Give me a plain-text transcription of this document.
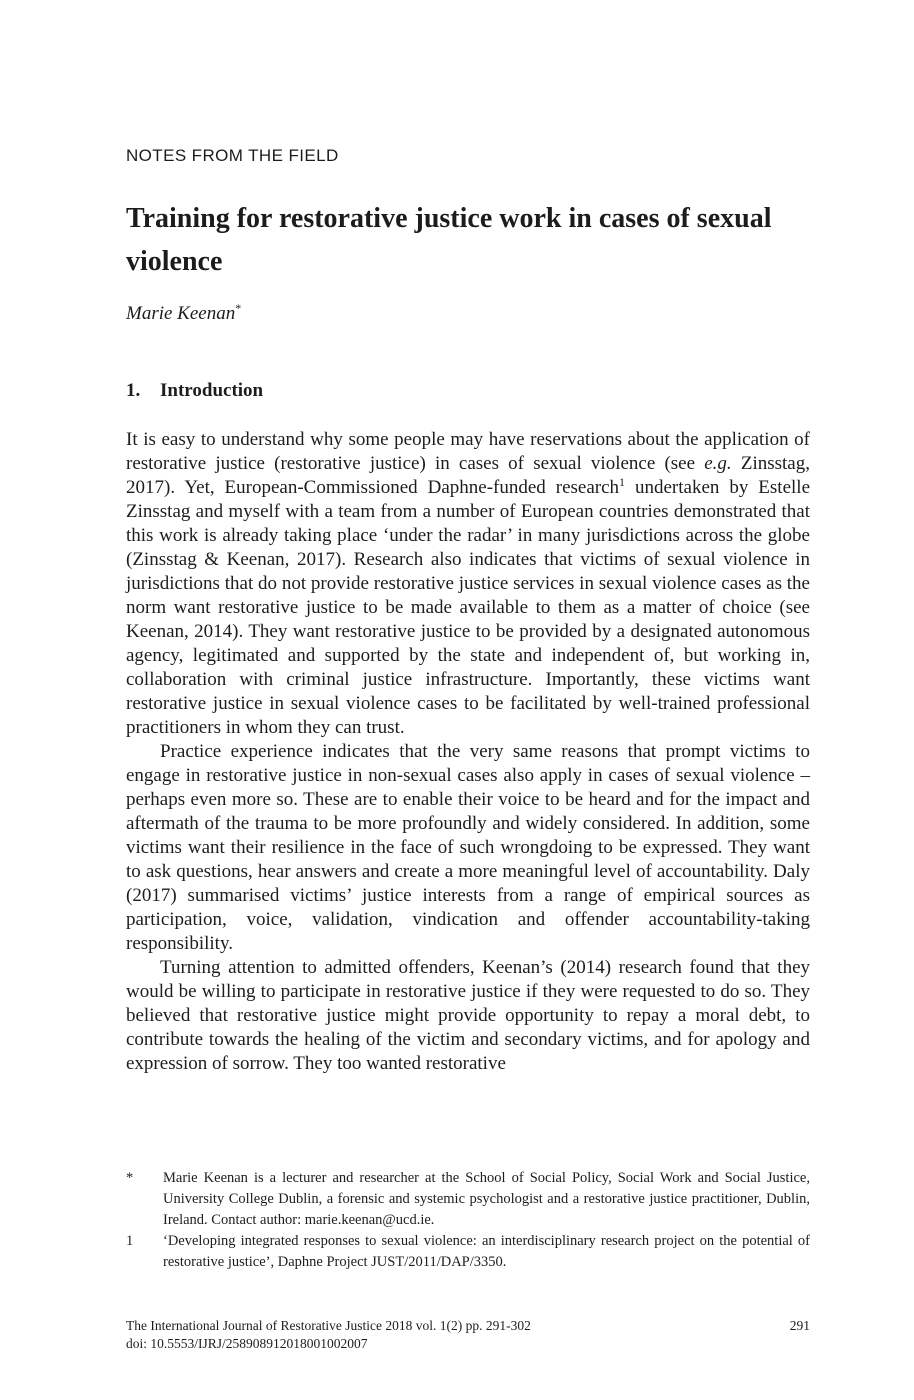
NOTES FROM THE FIELD
Training for restorative justice work in cases of sexual violence
Marie Keenan*
1.	Introduction

It is easy to understand why some people may have reservations about the application of restorative justice (restorative justice) in cases of sexual violence (see e.g. Zinsstag, 2017). Yet, European-Commissioned Daphne-funded research$^1$ undertaken by Estelle Zinsstag and myself with a team from a number of European countries demonstrated that this work is already taking place ‘under the radar’ in many jurisdictions across the globe (Zinsstag & Keenan, 2017). Research also indicates that victims of sexual violence in jurisdictions that do not provide restorative justice services in sexual violence cases as the norm want restorative justice to be made available to them as a matter of choice (see Keenan, 2014). They want restorative justice to be provided by a designated autonomous agency, legitimated and supported by the state and independent of, but working in, collaboration with criminal justice infrastructure. Importantly, these victims want restorative justice in sexual violence cases to be facilitated by well-trained professional practitioners in whom they can trust.

Practice experience indicates that the very same reasons that prompt victims to engage in restorative justice in non-sexual cases also apply in cases of sexual violence – perhaps even more so. These are to enable their voice to be heard and for the impact and aftermath of the trauma to be more profoundly and widely considered. In addition, some victims want their resilience in the face of such wrongdoing to be expressed. They want to ask questions, hear answers and create a more meaningful level of accountability. Daly (2017) summarised victims’ justice interests from a range of empirical sources as participation, voice, validation, vindication and offender accountability-taking responsibility.

Turning attention to admitted offenders, Keenan’s (2014) research found that they would be willing to participate in restorative justice if they were requested to do so. They believed that restorative justice might provide opportunity to repay a moral debt, to contribute towards the healing of the victim and secondary victims, and for apology and expression of sorrow. They too wanted restorative

*	Marie Keenan is a lecturer and researcher at the School of Social Policy, Social Work and Social Justice, University College Dublin, a forensic and systemic psychologist and a restorative justice practitioner, Dublin, Ireland. Contact author: marie.keenan@ucd.ie.
1	‘Developing integrated responses to sexual violence: an interdisciplinary research project on the potential of restorative justice’, Daphne Project JUST/2011/DAP/3350.
The International Journal of Restorative Justice 2018 vol. 1(2) pp. 291-302
doi: 10.5553/IJRJ/258908912018001002007
291
